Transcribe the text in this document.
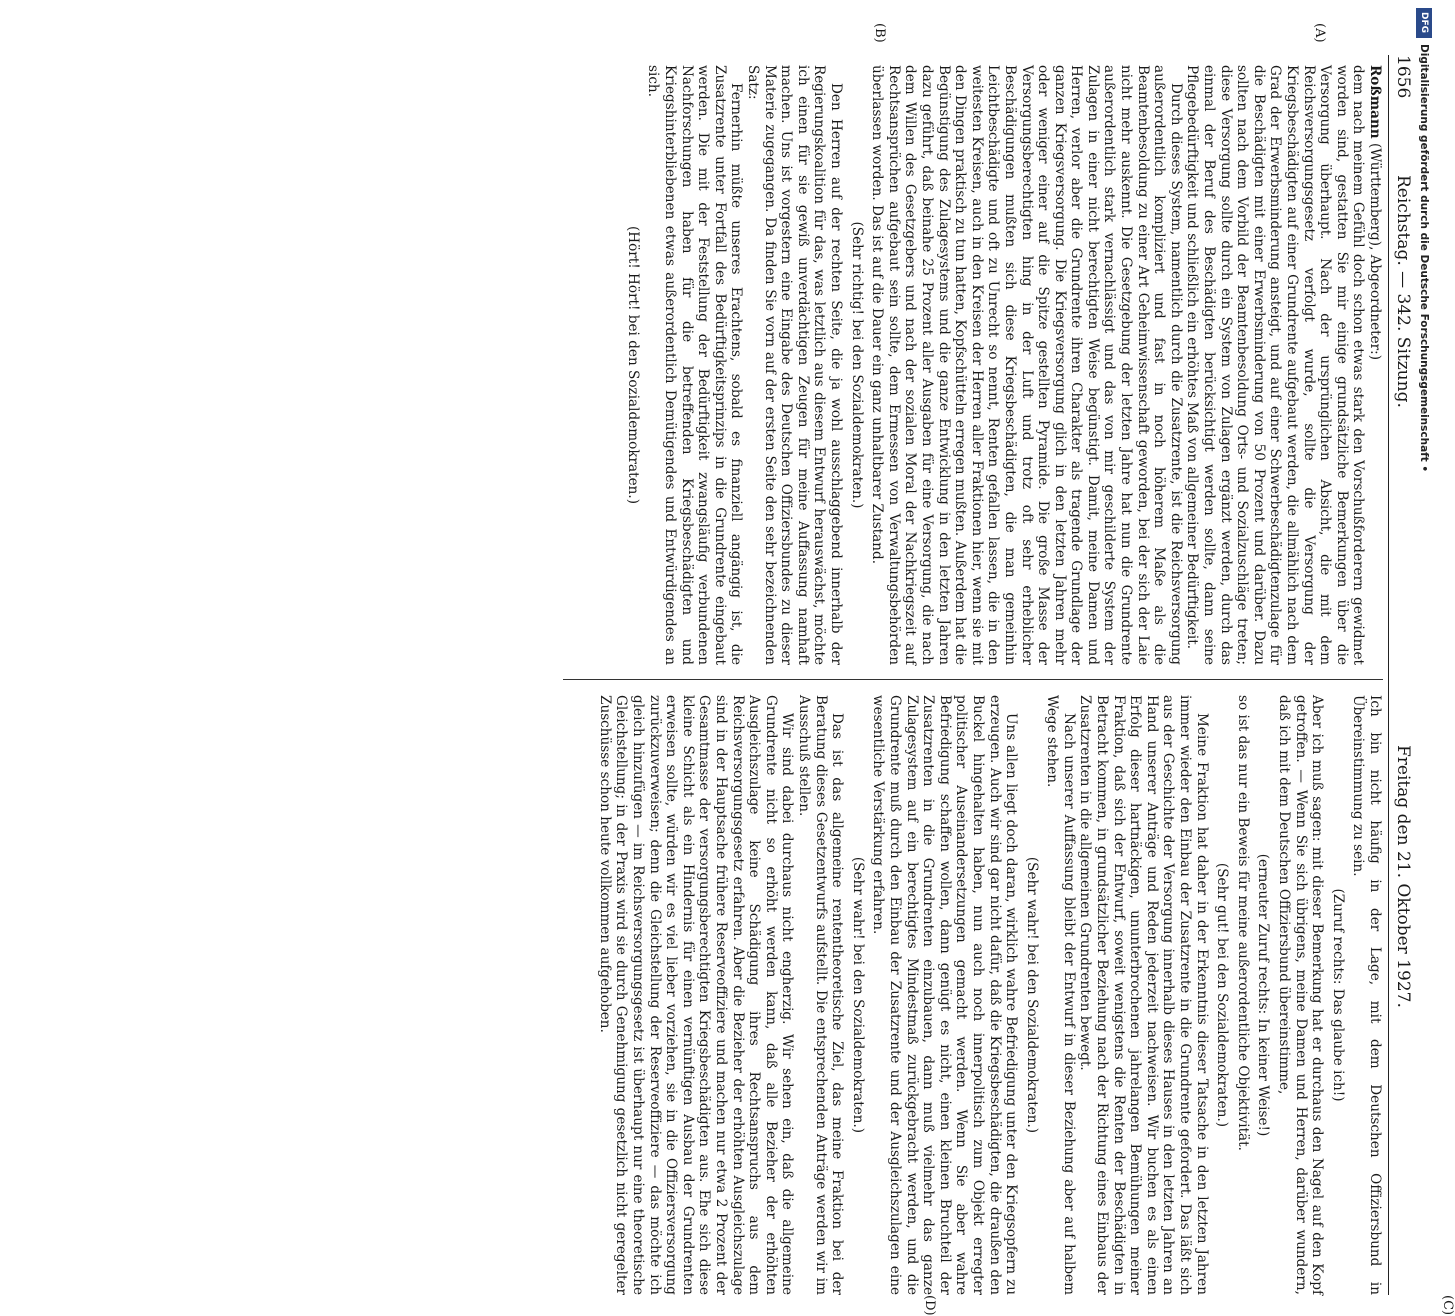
1656
Reichstag. — 342. Sitzung.
Freitag den 21. Oktober 1927.
(A)
(B)
(C)
(D)

Roßmann (Württemberg), Abgeordneter:)

dem nach meinem Gefühl doch schon etwas stark den Vorschußforderern gewidmet worden sind, gestatten Sie mir einige grundsätzliche Bemerkungen über die Versorgung überhaupt. Nach der ursprünglichen Absicht, die mit dem Reichsversorgungsgesetz verfolgt wurde, sollte die Versorgung der Kriegsbeschädigten auf einer Grundrente aufgebaut werden, die allmählich nach dem Grad der Erwerbsminderung ansteigt, und auf einer Schwerbeschädigtenzulage für die Beschädigten mit einer Erwerbsminderung von 50 Prozent und darüber. Dazu sollten nach dem Vorbild der Beamtenbesoldung Orts- und Sozialzuschläge treten; diese Versorgung sollte durch ein System von Zulagen ergänzt werden, durch das einmal der Beruf des Beschädigten berücksichtigt werden sollte, dann seine Pflegebedürftigkeit und schließlich ein erhöhtes Maß von allgemeiner Bedürftigkeit.

Durch dieses System, namentlich durch die Zusatzrente, ist die Reichsversorgung außerordentlich kompliziert und fast in noch höherem Maße als die Beamtenbesoldung zu einer Art Geheimwissenschaft geworden, bei der sich der Laie nicht mehr auskennt. Die Gesetzgebung der letzten Jahre hat nun die Grundrente außerordentlich stark vernachlässigt und das von mir geschilderte System der Zulagen in einer nicht berechtigten Weise begünstigt. Damit, meine Damen und Herren, verlor aber die Grundrente ihren Charakter als tragende Grundlage der ganzen Kriegsversorgung. Die Kriegsversorgung glich in den letzten Jahren mehr oder weniger einer auf die Spitze gestellten Pyramide. Die große Masse der Versorgungsberechtigten hing in der Luft und trotz oft sehr erheblicher Beschädigungen mußten sich diese Kriegsbeschädigten, die man gemeinhin Leichtbeschädigte und oft zu Unrecht so nennt, Renten gefallen lassen, die in den weitesten Kreisen, auch in den Kreisen der Herren aller Fraktionen hier, wenn sie mit den Dingen praktisch zu tun hatten, Kopfschütteln erregen mußten. Außerdem hat die Begünstigung des Zulagesystems und die ganze Entwicklung in den letzten Jahren dazu geführt, daß beinahe 25 Prozent aller Ausgaben für eine Versorgung, die nach dem Willen des Gesetzgebers und nach der sozialen Moral der Nachkriegszeit auf Rechtsansprüchen aufgebaut sein sollte, dem Ermessen von Verwaltungsbehörden überlassen worden. Das ist auf die Dauer ein ganz unhaltbarer Zustand.

(Sehr richtig! bei den Sozialdemokraten.)

Den Herren auf der rechten Seite, die ja wohl ausschlaggebend innerhalb der Regierungskoalition für das, was letztlich aus diesem Entwurf herauswächst, möchte ich einen für sie gewiß unverdächtigen Zeugen für meine Auffassung namhaft machen. Uns ist vorgestern eine Eingabe des Deutschen Offiziersbundes zu dieser Materie zugegangen. Da finden Sie vorn auf der ersten Seite den sehr bezeichnenden Satz:

Fernerhin müßte unseres Erachtens, sobald es finanziell angängig ist, die Zusatzrente unter Fortfall des Bedürftigkeitsprinzips in die Grundrente eingebaut werden. Die mit der Feststellung der Bedürftigkeit zwangsläufig verbundenen Nachforschungen haben für die betreffenden Kriegsbeschädigten und Kriegshinterbliebenen etwas außerordentlich Demütigendes und Entwürdigendes an sich.

(Hört! Hört! bei den Sozialdemokraten.)

Ich bin nicht häufig in der Lage, mit dem Deutschen Offiziersbund in Übereinstimmung zu sein.

(Zuruf rechts: Das glaube ich!)

Aber ich muß sagen: mit dieser Bemerkung hat er durchaus den Nagel auf den Kopf getroffen. — Wenn Sie sich übrigens, meine Damen und Herren, darüber wundern, daß ich mit dem Deutschen Offiziersbund übereinstimme,

(erneuter Zuruf rechts: In keiner Weise!)

so ist das nur ein Beweis für meine außerordentliche Objektivität.

(Sehr gut! bei den Sozialdemokraten.)

Meine Fraktion hat daher in der Erkenntnis dieser Tatsache in den letzten Jahren immer wieder den Einbau der Zusatzrente in die Grundrente gefordert. Das läßt sich aus der Geschichte der Versorgung innerhalb dieses Hauses in den letzten Jahren an Hand unserer Anträge und Reden jederzeit nachweisen. Wir buchen es als einen Erfolg dieser hartnäckigen, ununterbrochenen jahrelangen Bemühungen meiner Fraktion, daß sich der Entwurf, soweit wenigstens die Renten der Beschädigten in Betracht kommen, in grundsätzlicher Beziehung nach der Richtung eines Einbaus der Zusatzrenten in die allgemeinen Grundrenten bewegt.

Nach unserer Auffassung bleibt der Entwurf in dieser Beziehung aber auf halbem Wege stehen.

(Sehr wahr! bei den Sozialdemokraten.)

Uns allen liegt doch daran, wirklich wahre Befriedigung unter den Kriegsopfern zu erzeugen. Auch wir sind gar nicht dafür, daß die Kriegsbeschädigten, die draußen den Buckel hingehalten haben, nun auch noch innerpolitisch zum Objekt erregter politischer Auseinandersetzungen gemacht werden. Wenn Sie aber wahre Befriedigung schaffen wollen, dann genügt es nicht, einen kleinen Bruchteil der Zusatzrenten in die Grundrenten einzubauen, dann muß vielmehr das ganze Zulagesystem auf ein berechtigtes Mindestmaß zurückgebracht werden, und die Grundrente muß durch den Einbau der Zusatzrente und der Ausgleichszulagen eine wesentliche Verstärkung erfahren.

(Sehr wahr! bei den Sozialdemokraten.)

Das ist das allgemeine rententheoretische Ziel, das meine Fraktion bei der Beratung dieses Gesetzentwurfs aufstellt. Die entsprechenden Anträge werden wir im Ausschuß stellen.

Wir sind dabei durchaus nicht engherzig. Wir sehen ein, daß die allgemeine Grundrente nicht so erhöht werden kann, daß alle Bezieher der erhöhten Ausgleichszulage keine Schädigung ihres Rechtsanspruchs aus dem Reichsversorgungsgesetz erfahren. Aber die Bezieher der erhöhten Ausgleichszulage sind in der Hauptsache frühere Reserveoffiziere und machen nur etwa 2 Prozent der Gesamtmasse der versorgungsberechtigten Kriegsbeschädigten aus. Ehe sich diese kleine Schicht als ein Hindernis für einen vernünftigen Ausbau der Grundrenten erweisen sollte, würden wir es viel lieber vorziehen, sie in die Offiziersversorgung zurückzuverweisen; denn die Gleichstellung der Reserveoffiziere — das möchte ich gleich hinzufügen — im Reichsversorgungsgesetz ist überhaupt nur eine theoretische Gleichstellung; in der Praxis wird sie durch Genehmigung gesetzlich nicht geregelter Zuschüsse schon heute vollkommen aufgehoben.

DFG
Digitalisierung gefördert durch die Deutsche Forschungsgemeinschaft •
